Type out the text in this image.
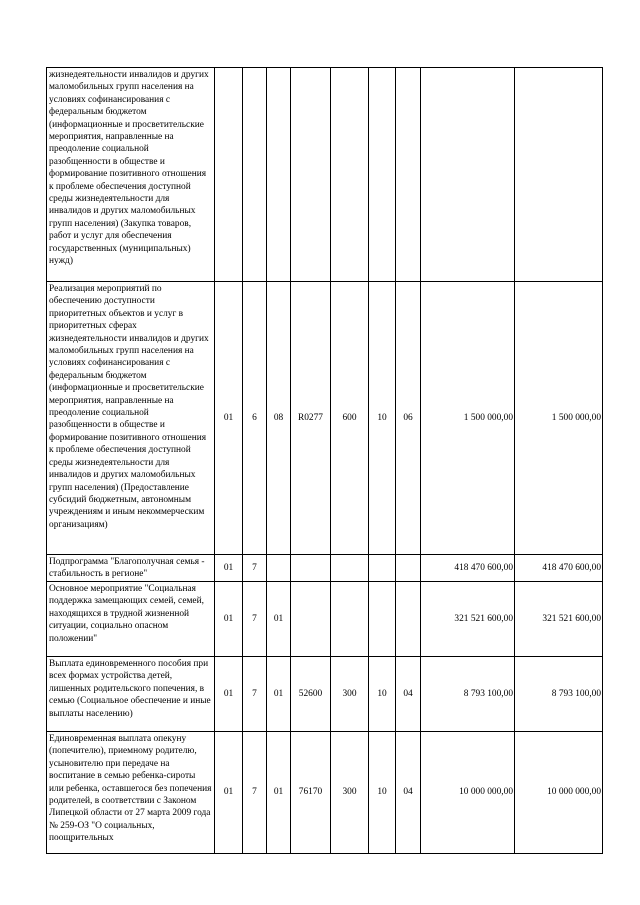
жизнедеятельности инвалидов и других маломобильных групп населения на условиях софинансирования с федеральным бюджетом (информационные и просветительские мероприятия, направленные на преодоление социальной разобщенности в обществе и формирование позитивного отношения к проблеме обеспечения доступной среды жизнедеятельности для инвалидов и других маломобильных групп населения) (Закупка товаров, работ и услуг для обеспечения государственных (муниципальных) нужд)									
Реализация мероприятий по обеспечению доступности приоритетных объектов и услуг в приоритетных сферах жизнедеятельности инвалидов и других маломобильных групп населения на условиях софинансирования с федеральным бюджетом (информационные и просветительские мероприятия, направленные на преодоление социальной разобщенности в обществе и формирование позитивного отношения к проблеме обеспечения доступной среды жизнедеятельности для инвалидов и других маломобильных групп населения) (Предоставление субсидий бюджетным, автономным учреждениям и иным некоммерческим организациям)	01	6	08	R0277	600	10	06	1 500 000,00	1 500 000,00
Подпрограмма "Благополучная семья - стабильность в регионе"	01	7						418 470 600,00	418 470 600,00
Основное мероприятие "Социальная поддержка замещающих семей, семей, находящихся в трудной жизненной ситуации, социально опасном положении"	01	7	01					321 521 600,00	321 521 600,00
Выплата единовременного пособия при всех формах устройства детей, лишенных родительского попечения, в семью (Социальное обеспечение и иные выплаты населению)	01	7	01	52600	300	10	04	8 793 100,00	8 793 100,00
Единовременная выплата опекуну (попечителю), приемному родителю, усыновителю при передаче на воспитание в семью ребенка-сироты или ребенка, оставшегося без попечения родителей, в соответствии с Законом Липецкой области от 27 марта 2009 года № 259-ОЗ "О социальных, поощрительных	01	7	01	76170	300	10	04	10 000 000,00	10 000 000,00
